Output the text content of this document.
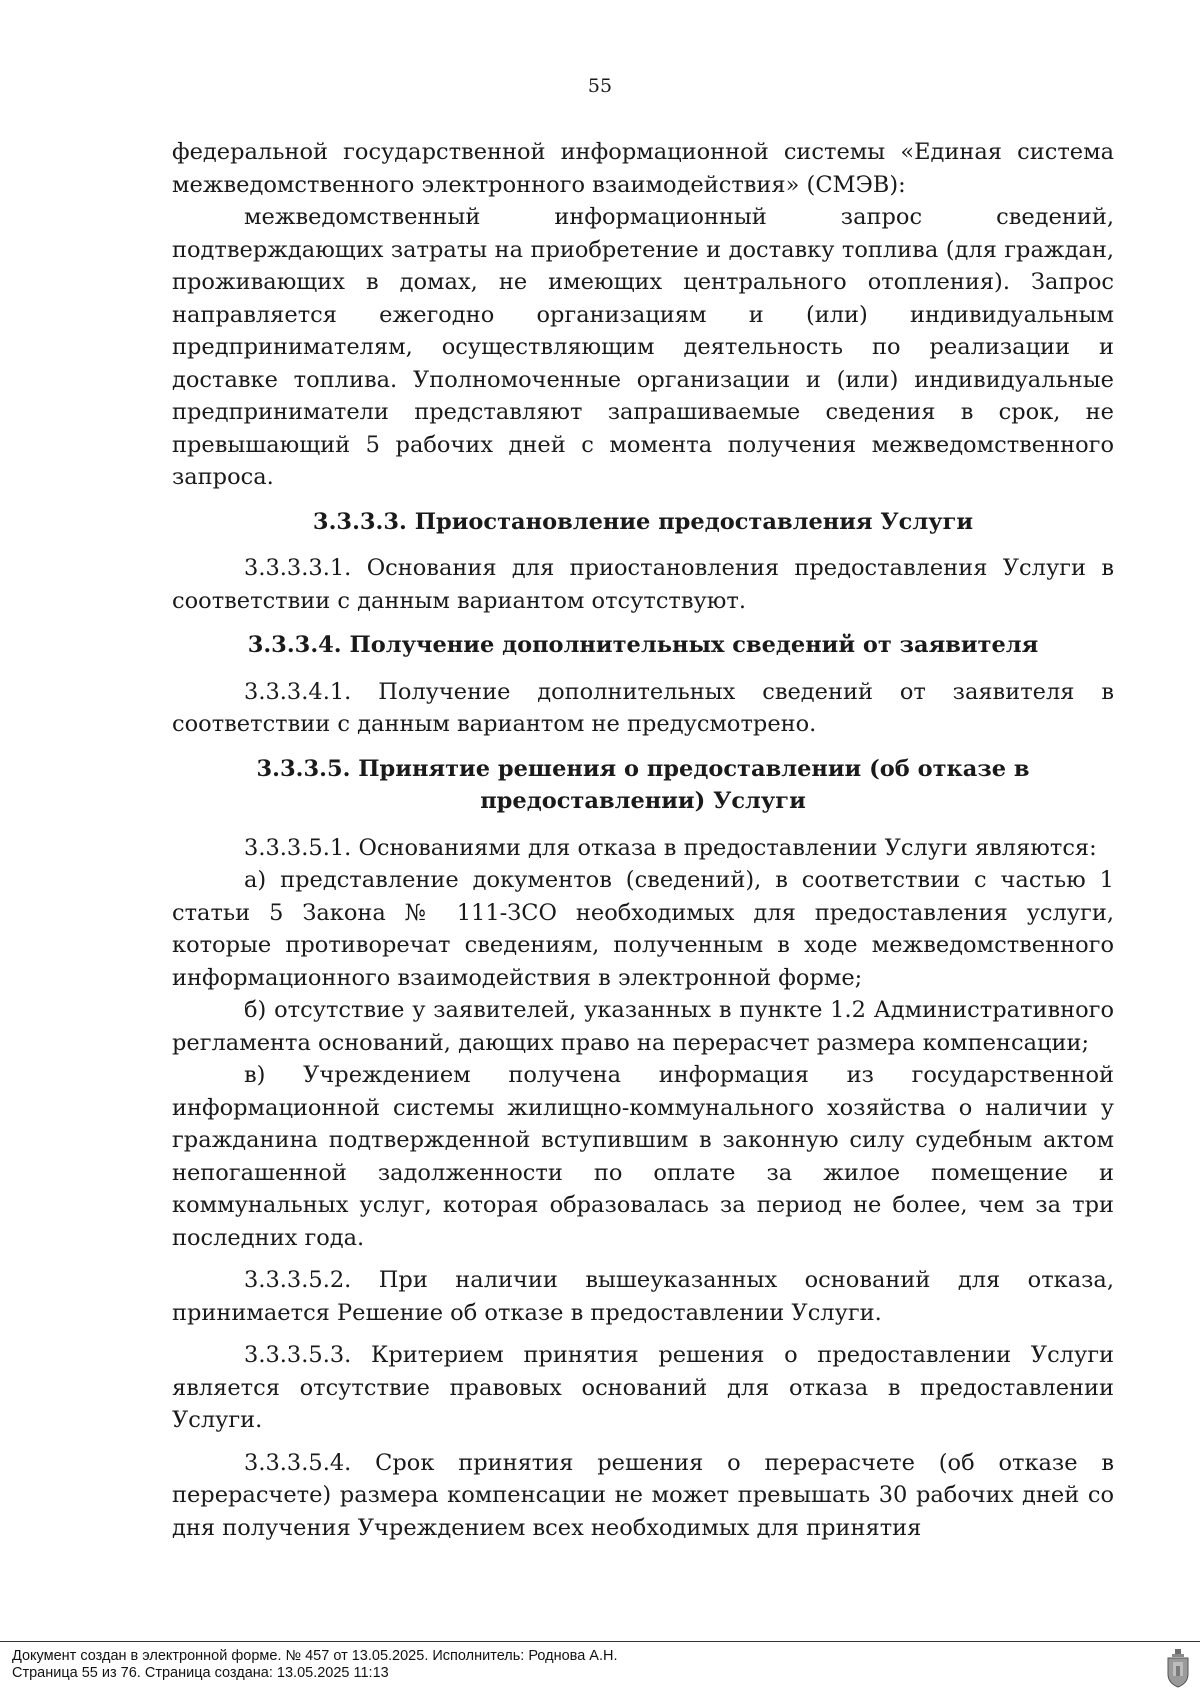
55

федеральной государственной информационной системы «Единая система межведомственного электронного взаимодействия» (СМЭВ):

межведомственный информационный запрос сведений, подтверждающих затраты на приобретение и доставку топлива (для граждан, проживающих в домах, не имеющих центрального отопления). Запрос направляется ежегодно организациям и (или) индивидуальным предпринимателям, осуществляющим деятельность по реализации и доставке топлива. Уполномоченные организации и (или) индивидуальные предприниматели представляют запрашиваемые сведения в срок, не превышающий 5 рабочих дней с момента получения межведомственного запроса.

3.3.3.3. Приостановление предоставления Услуги

3.3.3.3.1. Основания для приостановления предоставления Услуги в соответствии с данным вариантом отсутствуют.

3.3.3.4. Получение дополнительных сведений от заявителя

3.3.3.4.1. Получение дополнительных сведений от заявителя в соответствии с данным вариантом не предусмотрено.

3.3.3.5. Принятие решения о предоставлении (об отказе в предоставлении) Услуги

3.3.3.5.1. Основаниями для отказа в предоставлении Услуги являются:

а) представление документов (сведений), в соответствии с частью 1 статьи 5 Закона № 111-ЗСО необходимых для предоставления услуги, которые противоречат сведениям, полученным в ходе межведомственного информационного взаимодействия в электронной форме;

б) отсутствие у заявителей, указанных в пункте 1.2 Административного регламента оснований, дающих право на перерасчет размера компенсации;

в) Учреждением получена информация из государственной информационной системы жилищно-коммунального хозяйства о наличии у гражданина подтвержденной вступившим в законную силу судебным актом непогашенной задолженности по оплате за жилое помещение и коммунальных услуг, которая образовалась за период не более, чем за три последних года.

3.3.3.5.2. При наличии вышеуказанных оснований для отказа, принимается Решение об отказе в предоставлении Услуги.

3.3.3.5.3. Критерием принятия решения о предоставлении Услуги является отсутствие правовых оснований для отказа в предоставлении Услуги.

3.3.3.5.4. Срок принятия решения о перерасчете (об отказе в перерасчете) размера компенсации не может превышать 30 рабочих дней со дня получения Учреждением всех необходимых для принятия

Документ создан в электронной форме. № 457 от 13.05.2025. Исполнитель: Роднова А.Н.
Страница 55 из 76. Страница создана: 13.05.2025 11:13
